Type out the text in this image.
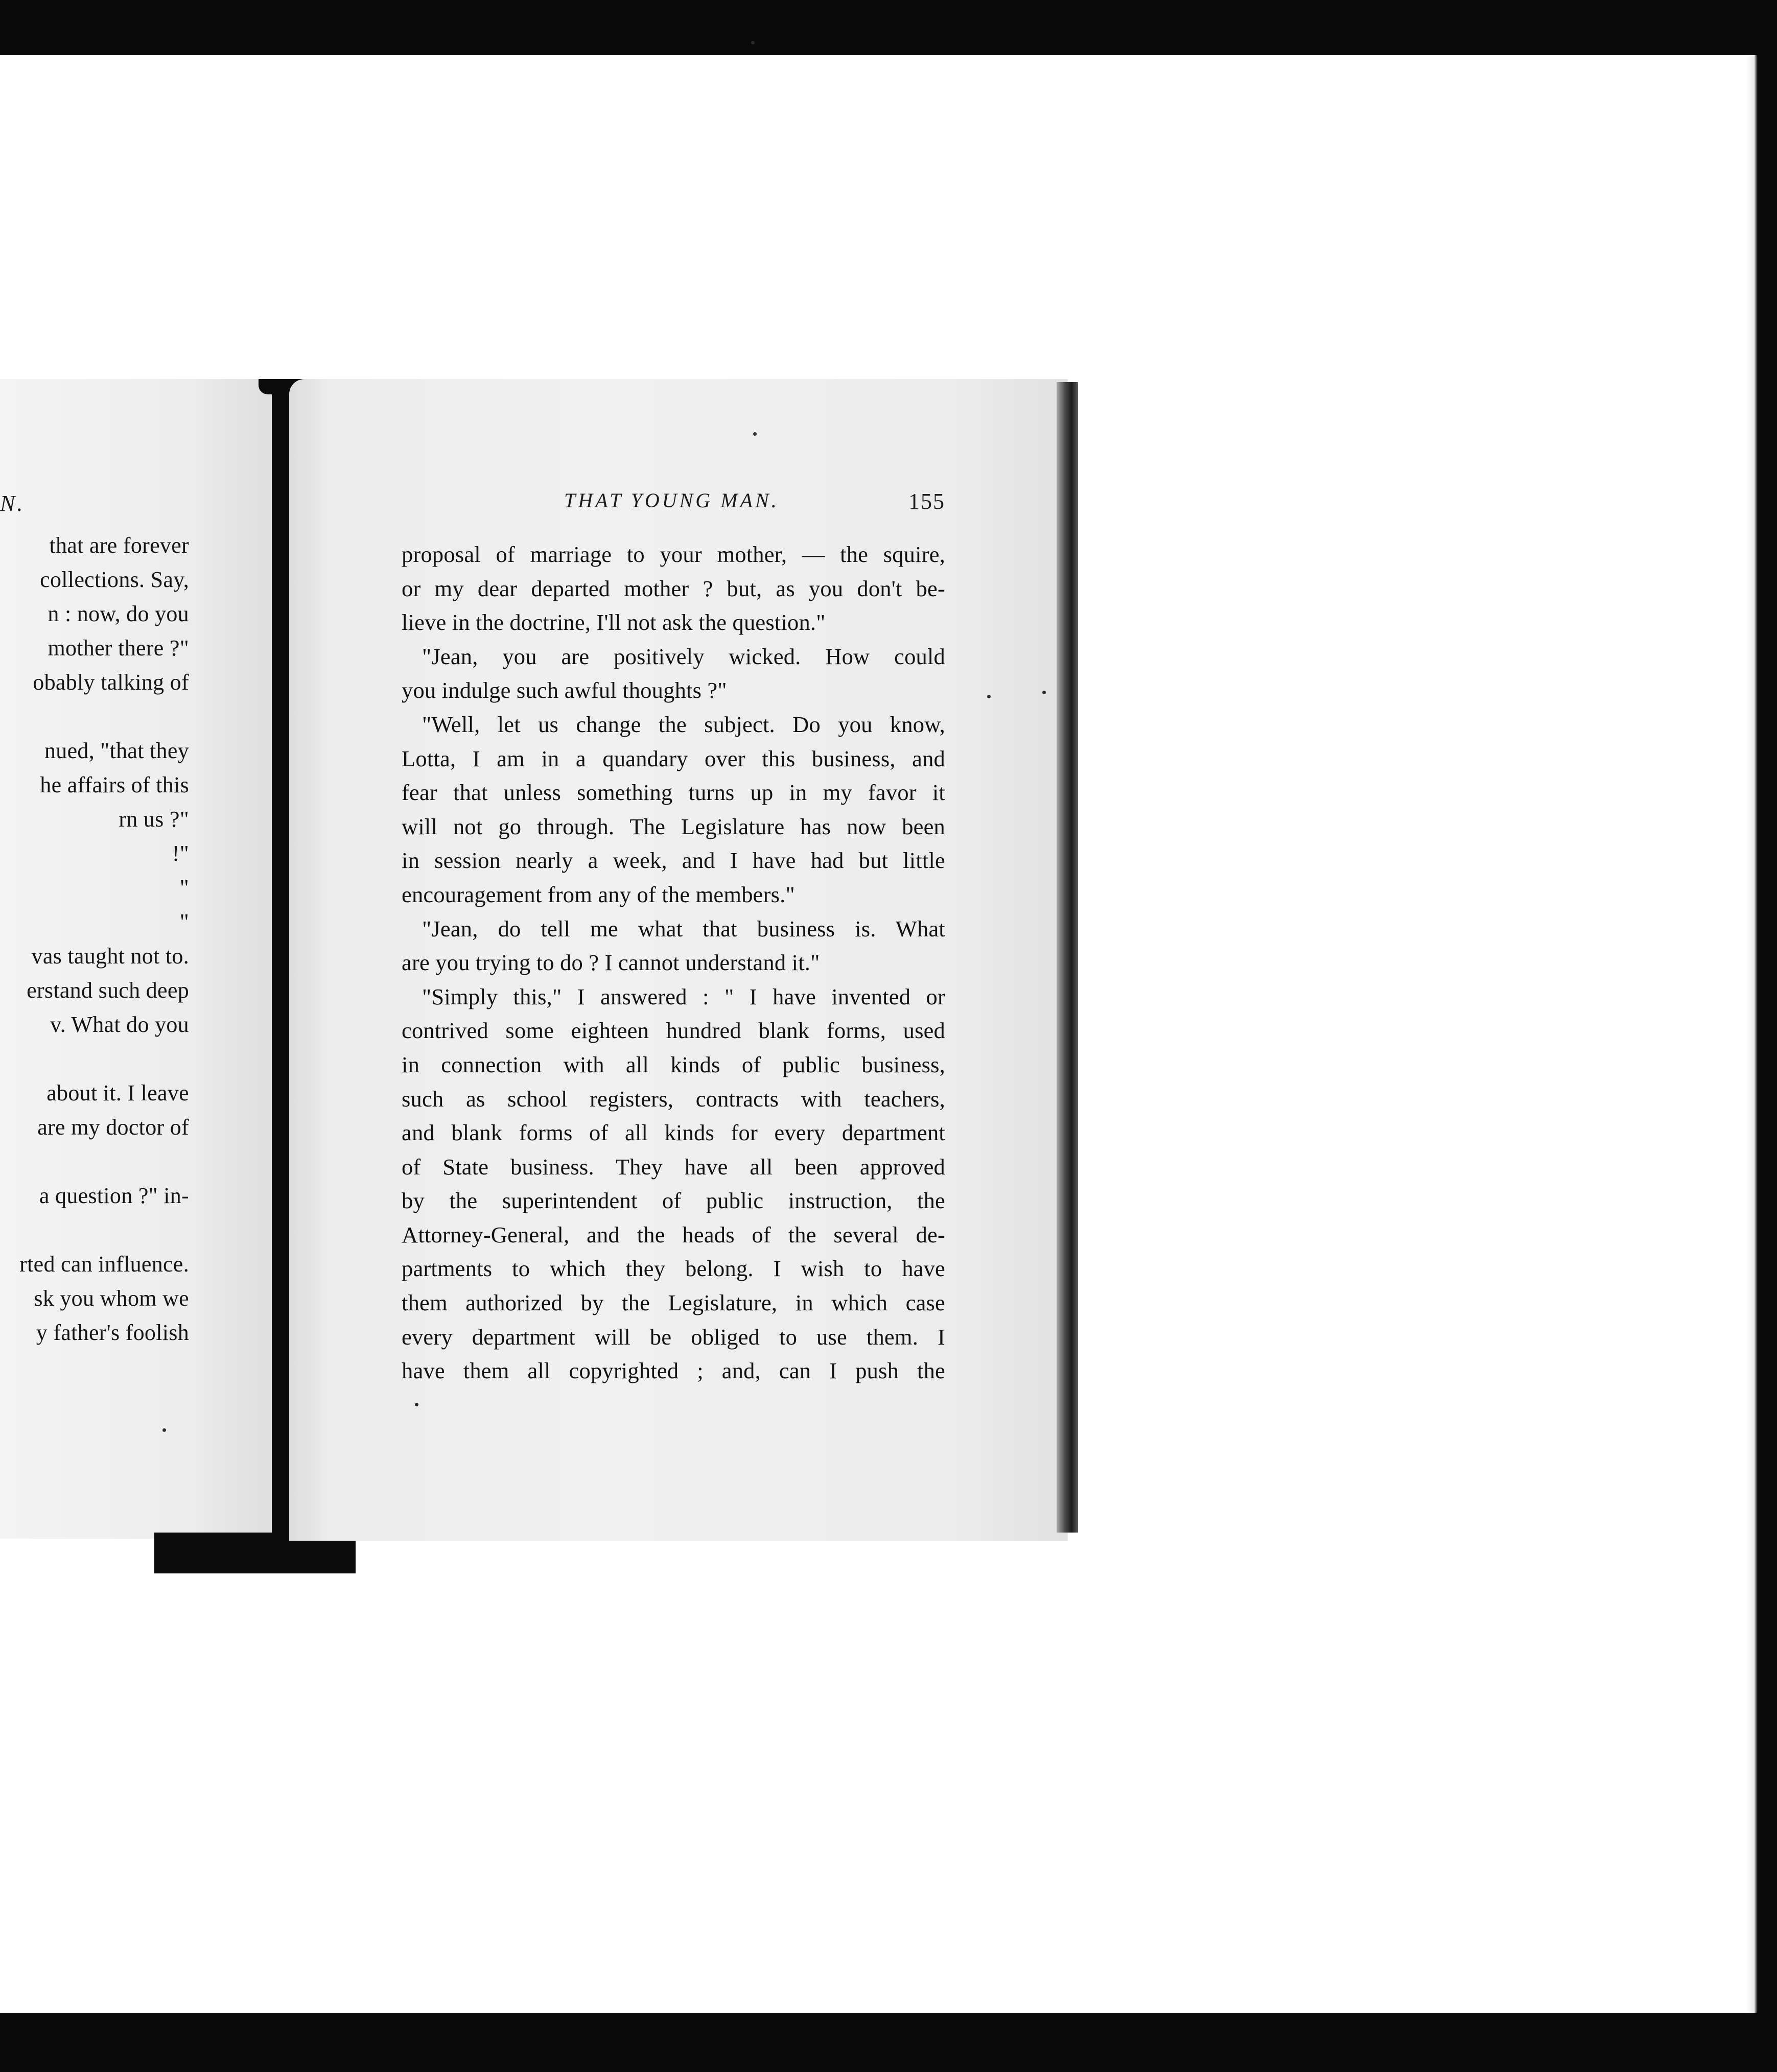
N.
that are forever
collections. Say,
n : now, do you
mother there ?"
obably talking of
nued, "that they
he affairs of this
rn us ?"
!"
"
"
vas taught not to.
erstand such deep
v. What do you
about it. I leave
are my doctor of
a question ?" in-
rted can influence.
sk you whom we
y father's foolish
THAT YOUNG MAN.	155
proposal of marriage to your mother, — the squire,
or my dear departed mother ? but, as you don't be-
lieve in the doctrine, I'll not ask the question."
"Jean, you are positively wicked. How could
you indulge such awful thoughts ?"
"Well, let us change the subject. Do you know,
Lotta, I am in a quandary over this business, and
fear that unless something turns up in my favor it
will not go through. The Legislature has now been
in session nearly a week, and I have had but little
encouragement from any of the members."
"Jean, do tell me what that business is. What
are you trying to do ? I cannot understand it."
"Simply this," I answered : " I have invented or
contrived some eighteen hundred blank forms, used
in connection with all kinds of public business,
such as school registers, contracts with teachers,
and blank forms of all kinds for every department
of State business. They have all been approved
by the superintendent of public instruction, the
Attorney-General, and the heads of the several de-
partments to which they belong. I wish to have
them authorized by the Legislature, in which case
every department will be obliged to use them. I
have them all copyrighted ; and, can I push the
